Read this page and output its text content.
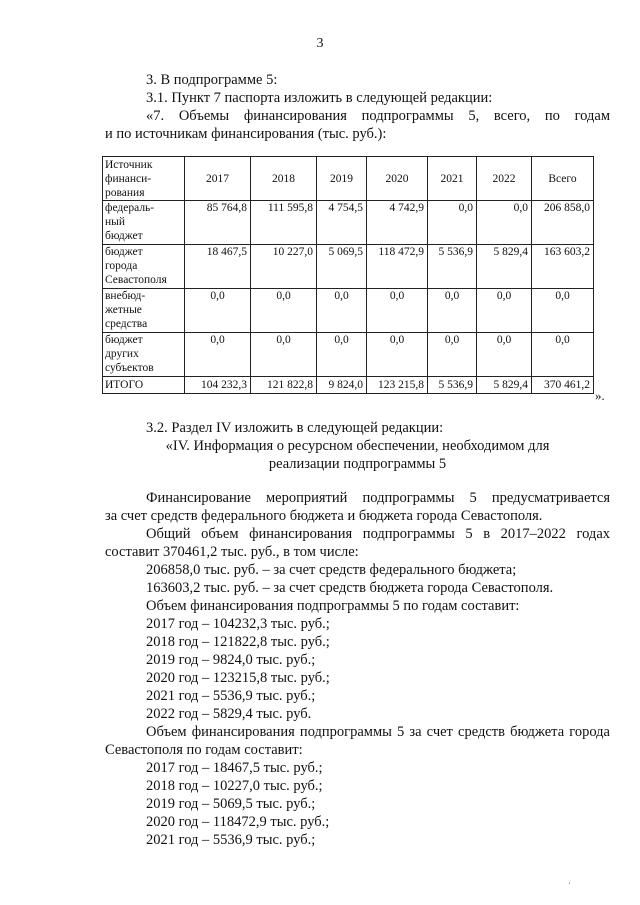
3
3. В подпрограмме 5:
3.1. Пункт 7 паспорта изложить в следующей редакции:
«7. Объемы финансирования подпрограммы 5, всего, по годам
и по источникам финансирования (тыс. руб.):
Источник
финанси-
рования	2017	2018	2019	2020	2021	2022	Всего

федераль-
ный
бюджет	85 764,8	111 595,8	4 754,5	4 742,9	0,0	0,0	206 858,0

бюджет
города
Севастополя	18 467,5	10 227,0	5 069,5	118 472,9	5 536,9	5 829,4	163 603,2

внебюд-
жетные
средства	0,0	0,0	0,0	0,0	0,0	0,0	0,0

бюджет
других
субъектов	0,0	0,0	0,0	0,0	0,0	0,0	0,0
ИТОГО	104 232,3	121 822,8	9 824,0	123 215,8	5 536,9	5 829,4	370 461,2
».
3.2. Раздел IV изложить в следующей редакции:
«IV. Информация о ресурсном обеспечении, необходимом для
реализации подпрограммы 5
Финансирование мероприятий подпрограммы 5 предусматривается
за счет средств федерального бюджета и бюджета города Севастополя.
Общий объем финансирования подпрограммы 5 в 2017–2022 годах
составит 370461,2 тыс. руб., в том числе:
206858,0 тыс. руб. – за счет средств федерального бюджета;
163603,2 тыс. руб. – за счет средств бюджета города Севастополя.
Объем финансирования подпрограммы 5 по годам составит:
2017 год – 104232,3 тыс. руб.;
2018 год – 121822,8 тыс. руб.;
2019 год – 9824,0 тыс. руб.;
2020 год – 123215,8 тыс. руб.;
2021 год – 5536,9 тыс. руб.;
2022 год – 5829,4 тыс. руб.
Объем финансирования подпрограммы 5 за счет средств бюджета города
Севастополя по годам составит:
2017 год – 18467,5 тыс. руб.;
2018 год – 10227,0 тыс. руб.;
2019 год – 5069,5 тыс. руб.;
2020 год – 118472,9 тыс. руб.;
2021 год – 5536,9 тыс. руб.;
·
